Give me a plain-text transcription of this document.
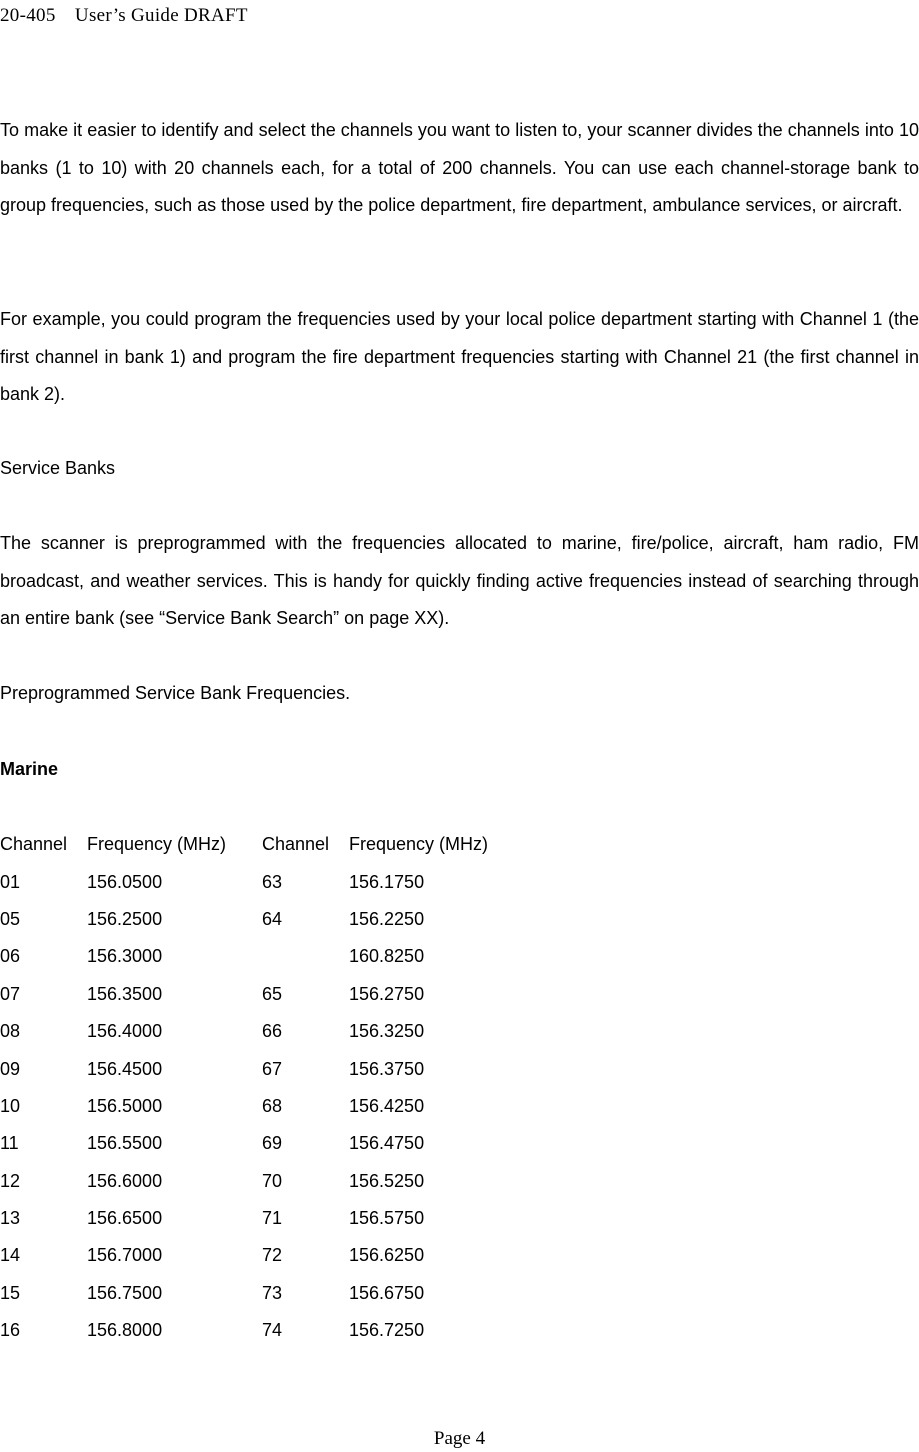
20-405　User’s Guide DRAFT

To make it easier to identify and select the channels you want to listen to, your scanner divides the channels into 10 banks (1 to 10) with 20 channels each, for a total of 200 channels. You can use each channel-storage bank to group frequencies, such as those used by the police department, fire department, ambulance services, or aircraft.

For example, you could program the frequencies used by your local police department starting with Channel 1 (the first channel in bank 1) and program the fire department frequencies starting with Channel 21 (the first channel in bank 2).

Service Banks

The scanner is preprogrammed with the frequencies allocated to marine, fire/police, aircraft, ham radio, FM broadcast, and weather services. This is handy for quickly finding active frequencies instead of searching through an entire bank (see “Service Bank Search” on page XX).

Preprogrammed Service Bank Frequencies.

Marine

Channel	Frequency (MHz)	Channel	Frequency (MHz)
01	156.0500	63	156.1750
05	156.2500	64	156.2250
06	156.3000		160.8250
07	156.3500	65	156.2750
08	156.4000	66	156.3250
09	156.4500	67	156.3750
10	156.5000	68	156.4250
11	156.5500	69	156.4750
12	156.6000	70	156.5250
13	156.6500	71	156.5750
14	156.7000	72	156.6250
15	156.7500	73	156.6750
16	156.8000	74	156.7250
Page 4
